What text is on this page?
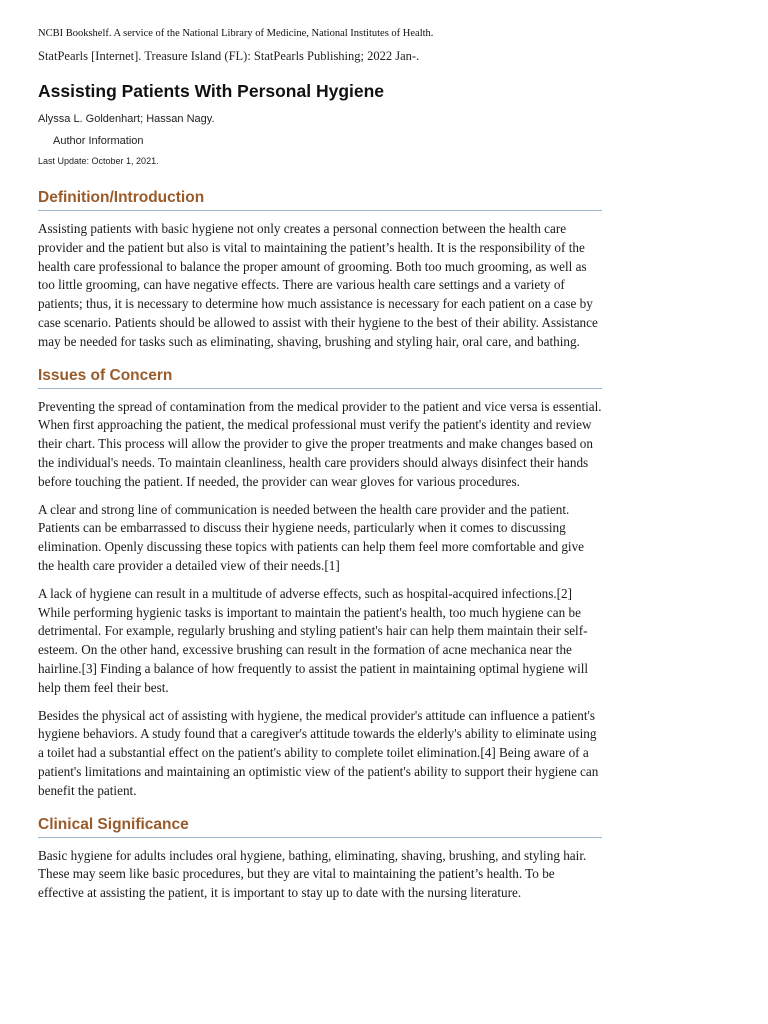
NCBI Bookshelf. A service of the National Library of Medicine, National Institutes of Health.
StatPearls [Internet]. Treasure Island (FL): StatPearls Publishing; 2022 Jan-.
Assisting Patients With Personal Hygiene
Alyssa L. Goldenhart; Hassan Nagy.
Author Information
Last Update: October 1, 2021.
Definition/Introduction

Assisting patients with basic hygiene not only creates a personal connection between the health care provider and the patient but also is vital to maintaining the patient’s health. It is the responsibility of the health care professional to balance the proper amount of grooming. Both too much grooming, as well as too little grooming, can have negative effects. There are various health care settings and a variety of patients; thus, it is necessary to determine how much assistance is necessary for each patient on a case by case scenario. Patients should be allowed to assist with their hygiene to the best of their ability. Assistance may be needed for tasks such as eliminating, shaving, brushing and styling hair, oral care, and bathing.

Issues of Concern

Preventing the spread of contamination from the medical provider to the patient and vice versa is essential. When first approaching the patient, the medical professional must verify the patient's identity and review their chart. This process will allow the provider to give the proper treatments and make changes based on the individual's needs. To maintain cleanliness, health care providers should always disinfect their hands before touching the patient. If needed, the provider can wear gloves for various procedures.

A clear and strong line of communication is needed between the health care provider and the patient. Patients can be embarrassed to discuss their hygiene needs, particularly when it comes to discussing elimination. Openly discussing these topics with patients can help them feel more comfortable and give the health care provider a detailed view of their needs.[1]

A lack of hygiene can result in a multitude of adverse effects, such as hospital-acquired infections.[2] While performing hygienic tasks is important to maintain the patient's health, too much hygiene can be detrimental. For example, regularly brushing and styling patient's hair can help them maintain their self-esteem. On the other hand, excessive brushing can result in the formation of acne mechanica near the hairline.[3] Finding a balance of how frequently to assist the patient in maintaining optimal hygiene will help them feel their best.

Besides the physical act of assisting with hygiene, the medical provider's attitude can influence a patient's hygiene behaviors. A study found that a caregiver's attitude towards the elderly's ability to eliminate using a toilet had a substantial effect on the patient's ability to complete toilet elimination.[4] Being aware of a patient's limitations and maintaining an optimistic view of the patient's ability to support their hygiene can benefit the patient.

Clinical Significance

Basic hygiene for adults includes oral hygiene, bathing, eliminating, shaving, brushing, and styling hair. These may seem like basic procedures, but they are vital to maintaining the patient’s health. To be effective at assisting the patient, it is important to stay up to date with the nursing literature.
